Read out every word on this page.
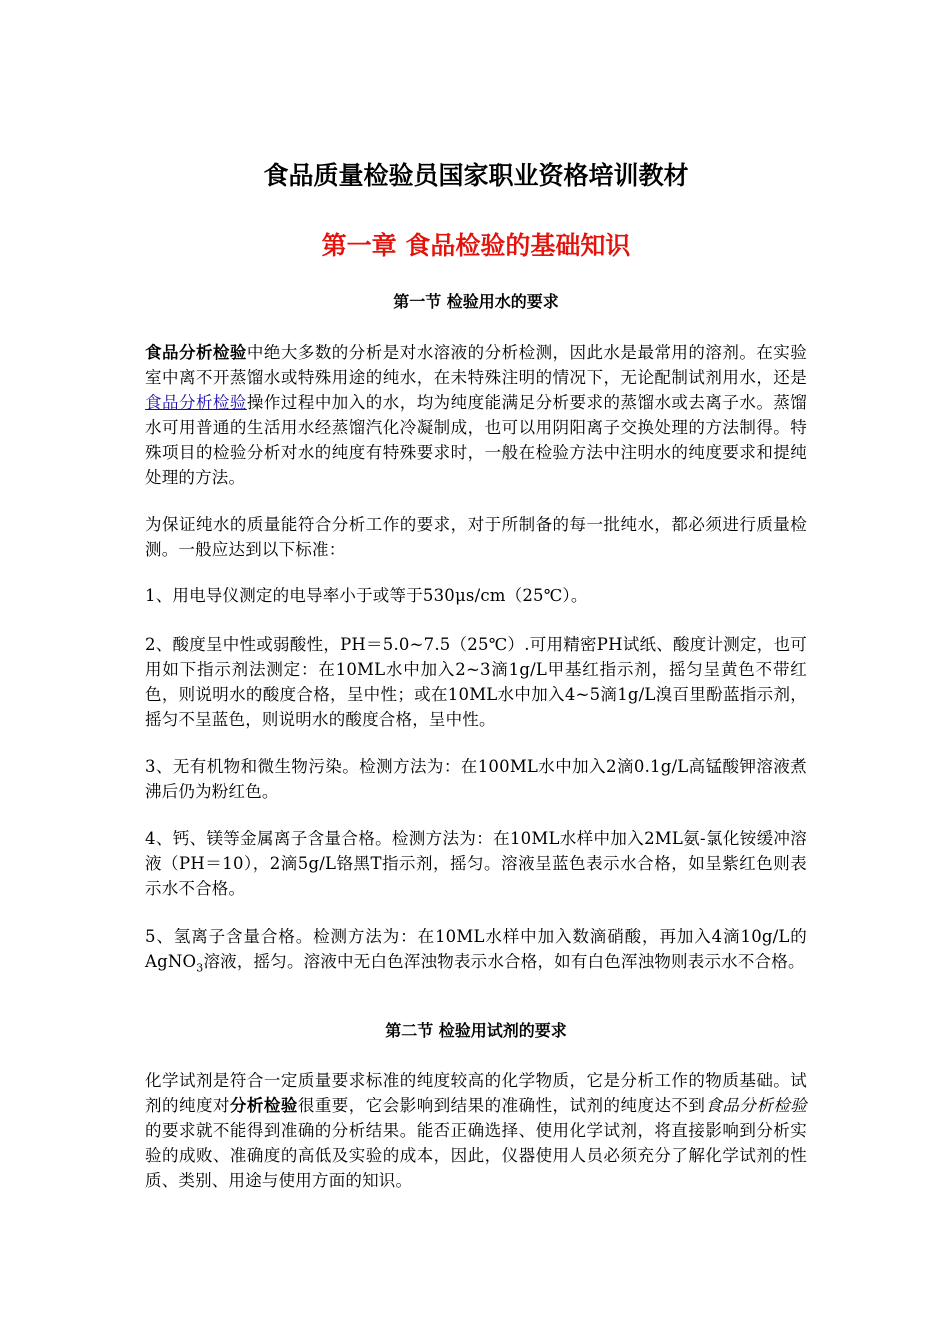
食品质量检验员国家职业资格培训教材
第一章 食品检验的基础知识
第一节 检验用水的要求

食品分析检验中绝大多数的分析是对水溶液的分析检测，因此水是最常用的溶剂。在实验室中离不开蒸馏水或特殊用途的纯水，在未特殊注明的情况下，无论配制试剂用水，还是食品分析检验操作过程中加入的水，均为纯度能满足分析要求的蒸馏水或去离子水。蒸馏水可用普通的生活用水经蒸馏汽化冷凝制成，也可以用阴阳离子交换处理的方法制得。特殊项目的检验分析对水的纯度有特殊要求时，一般在检验方法中注明水的纯度要求和提纯处理的方法。

为保证纯水的质量能符合分析工作的要求，对于所制备的每一批纯水，都必须进行质量检测。一般应达到以下标准：

1、用电导仪测定的电导率小于或等于530μs/cm（25℃）。

2、酸度呈中性或弱酸性，PH＝5.0~7.5（25℃）.可用精密PH试纸、酸度计测定，也可用如下指示剂法测定：在10ML水中加入2~3滴1g/L甲基红指示剂，摇匀呈黄色不带红色，则说明水的酸度合格，呈中性；或在10ML水中加入4~5滴1g/L溴百里酚蓝指示剂，摇匀不呈蓝色，则说明水的酸度合格，呈中性。

3、无有机物和微生物污染。检测方法为：在100ML水中加入2滴0.1g/L高锰酸钾溶液煮沸后仍为粉红色。

4、钙、镁等金属离子含量合格。检测方法为：在10ML水样中加入2ML氨-氯化铵缓冲溶液（PH＝10），2滴5g/L铬黑T指示剂，摇匀。溶液呈蓝色表示水合格，如呈紫红色则表示水不合格。

5、氢离子含量合格。检测方法为：在10ML水样中加入数滴硝酸，再加入4滴10g/L的AgNO$_3$溶液，摇匀。溶液中无白色浑浊物表示水合格，如有白色浑浊物则表示水不合格。

第二节 检验用试剂的要求

化学试剂是符合一定质量要求标准的纯度较高的化学物质，它是分析工作的物质基础。试剂的纯度对分析检验很重要，它会影响到结果的准确性，试剂的纯度达不到食品分析检验的要求就不能得到准确的分析结果。能否正确选择、使用化学试剂，将直接影响到分析实验的成败、准确度的高低及实验的成本，因此，仪器使用人员必须充分了解化学试剂的性质、类别、用途与使用方面的知识。
